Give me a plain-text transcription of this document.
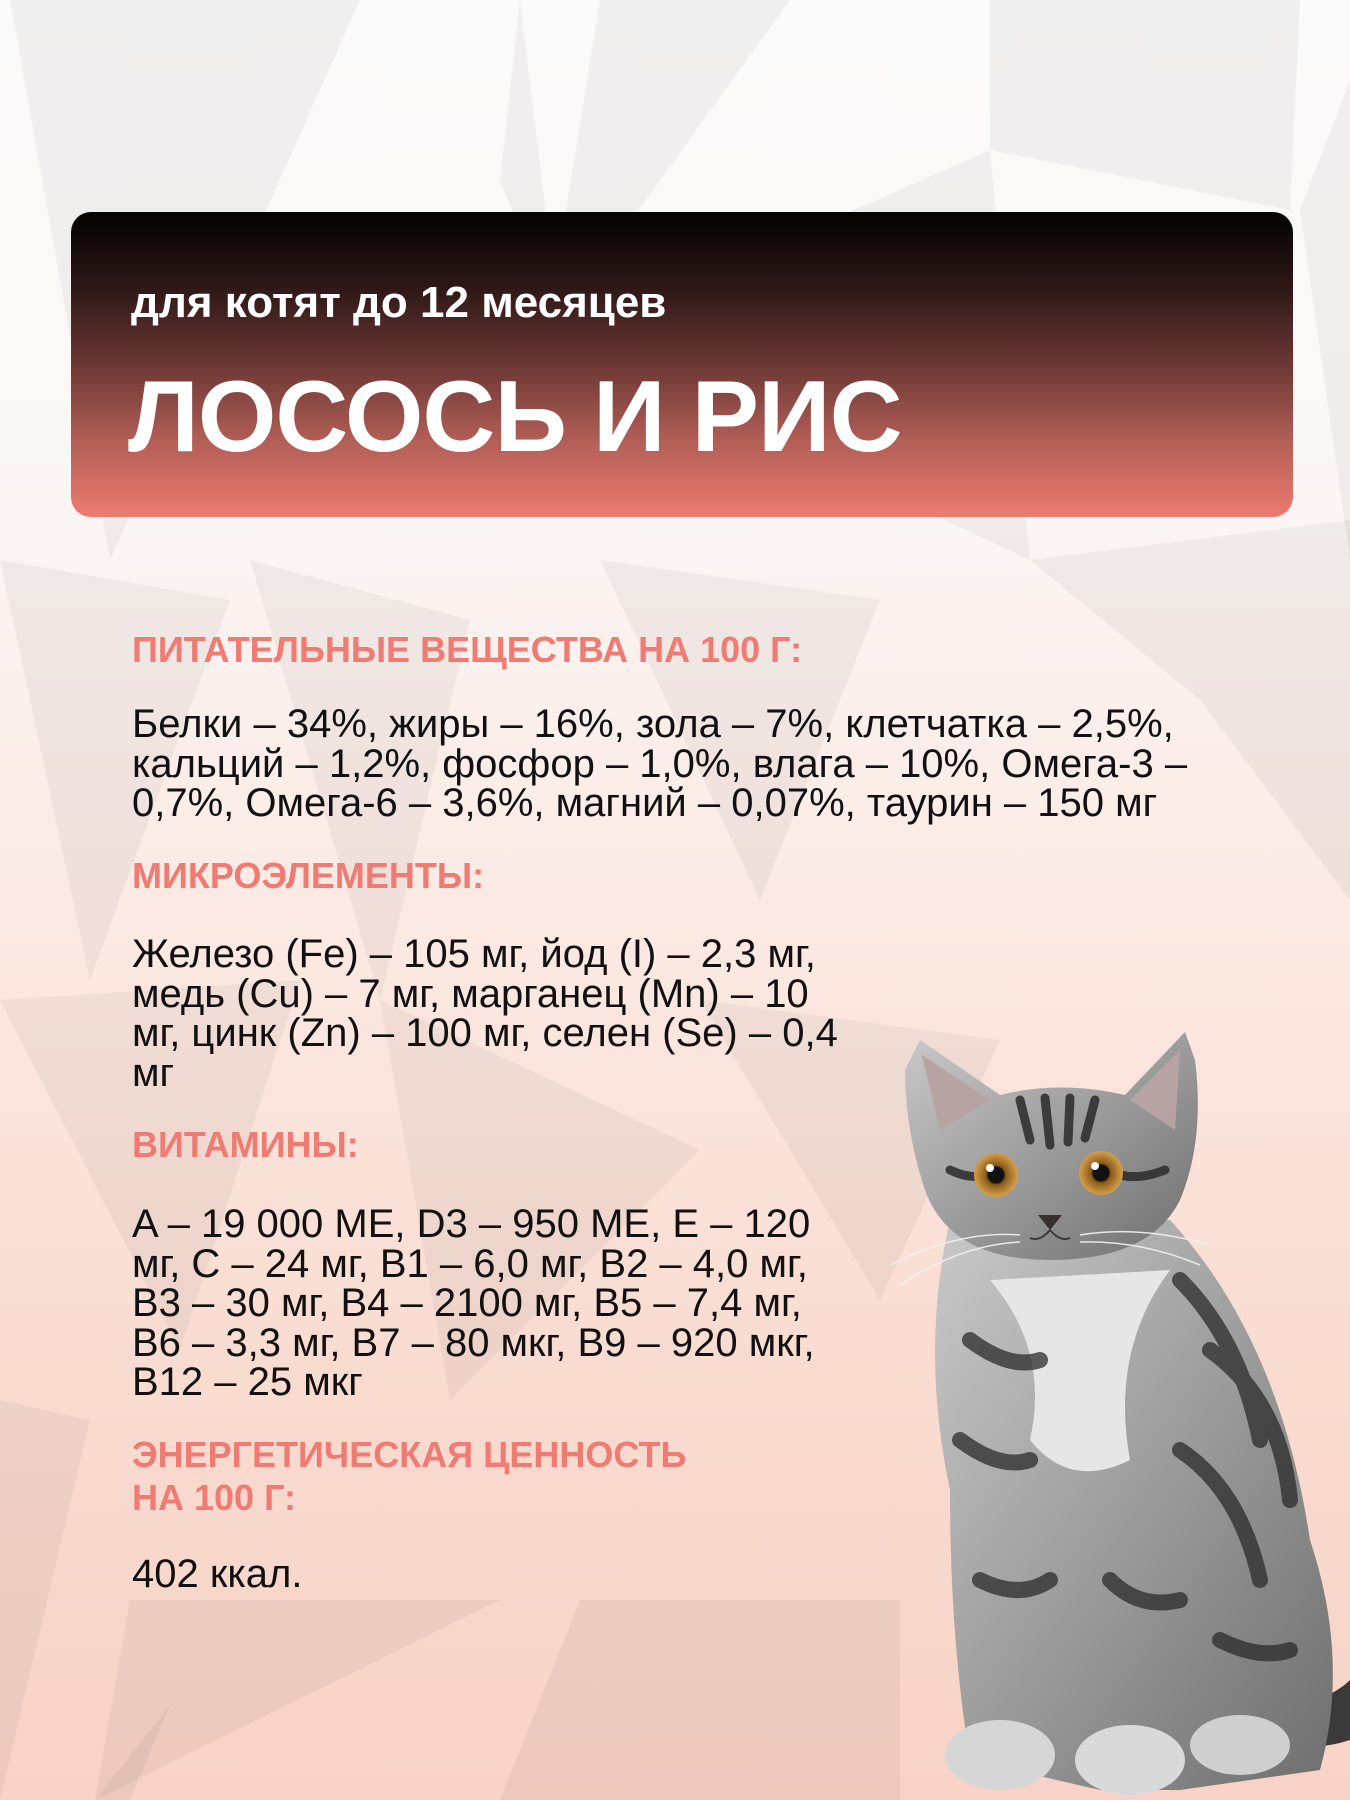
для котят до 12 месяцев
ЛОСОСЬ И РИС
ПИТАТЕЛЬНЫЕ ВЕЩЕСТВА НА 100 Г:
Белки – 34%, жиры – 16%, зола – 7%, клетчатка – 2,5%,
кальций – 1,2%, фосфор – 1,0%, влага – 10%, Омега-3 –
0,7%, Омега-6 – 3,6%, магний – 0,07%, таурин – 150 мг
МИКРОЭЛЕМЕНТЫ:
Железо (Fe) – 105 мг, йод (I) – 2,3 мг,
медь (Cu) – 7 мг, марганец (Mn) – 10
мг, цинк (Zn) – 100 мг, селен (Se) – 0,4
мг
ВИТАМИНЫ:
A – 19 000 МЕ, D3 – 950 МЕ, E – 120
мг, C – 24 мг, B1 – 6,0 мг, B2 – 4,0 мг,
B3 – 30 мг, B4 – 2100 мг, B5 – 7,4 мг,
B6 – 3,3 мг, B7 – 80 мкг, B9 – 920 мкг,
B12 – 25 мкг
ЭНЕРГЕТИЧЕСКАЯ ЦЕННОСТЬ
НА 100 Г:
402 ккал.
